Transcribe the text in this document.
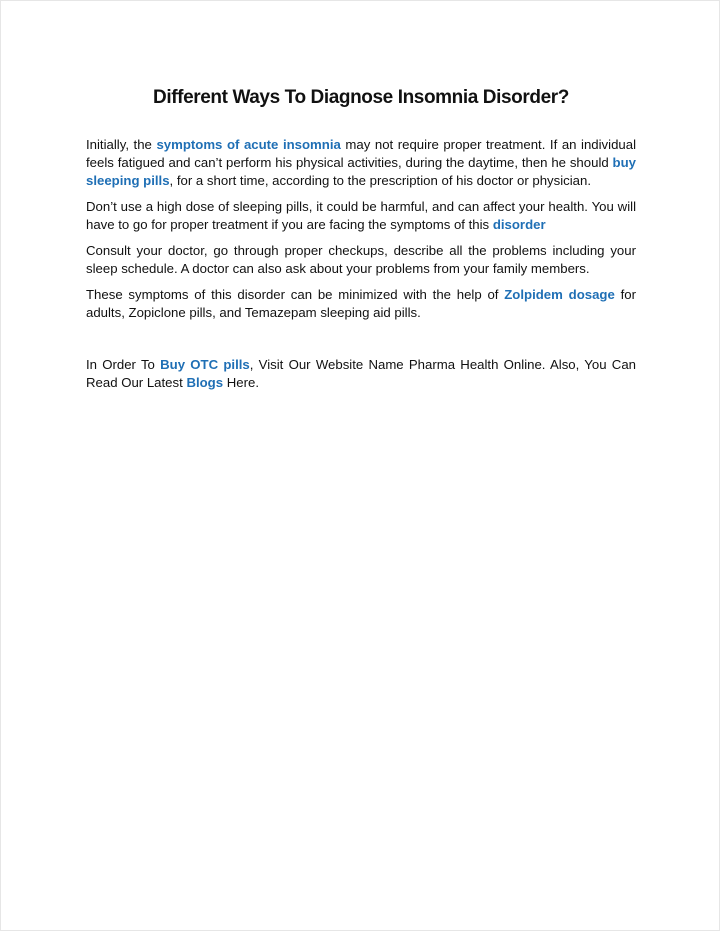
Different Ways To Diagnose Insomnia Disorder?

Initially, the symptoms of acute insomnia may not require proper treatment. If an individual feels fatigued and can’t perform his physical activities, during the daytime, then he should buy sleeping pills, for a short time, according to the prescription of his doctor or physician.

Don’t use a high dose of sleeping pills, it could be harmful, and can affect your health. You will have to go for proper treatment if you are facing the symptoms of this disorder

Consult your doctor, go through proper checkups, describe all the problems including your sleep schedule. A doctor can also ask about your problems from your family members.

These symptoms of this disorder can be minimized with the help of Zolpidem dosage for adults, Zopiclone pills, and Temazepam sleeping aid pills.

In Order To Buy OTC pills, Visit Our Website Name Pharma Health Online. Also, You Can Read Our Latest Blogs Here.
